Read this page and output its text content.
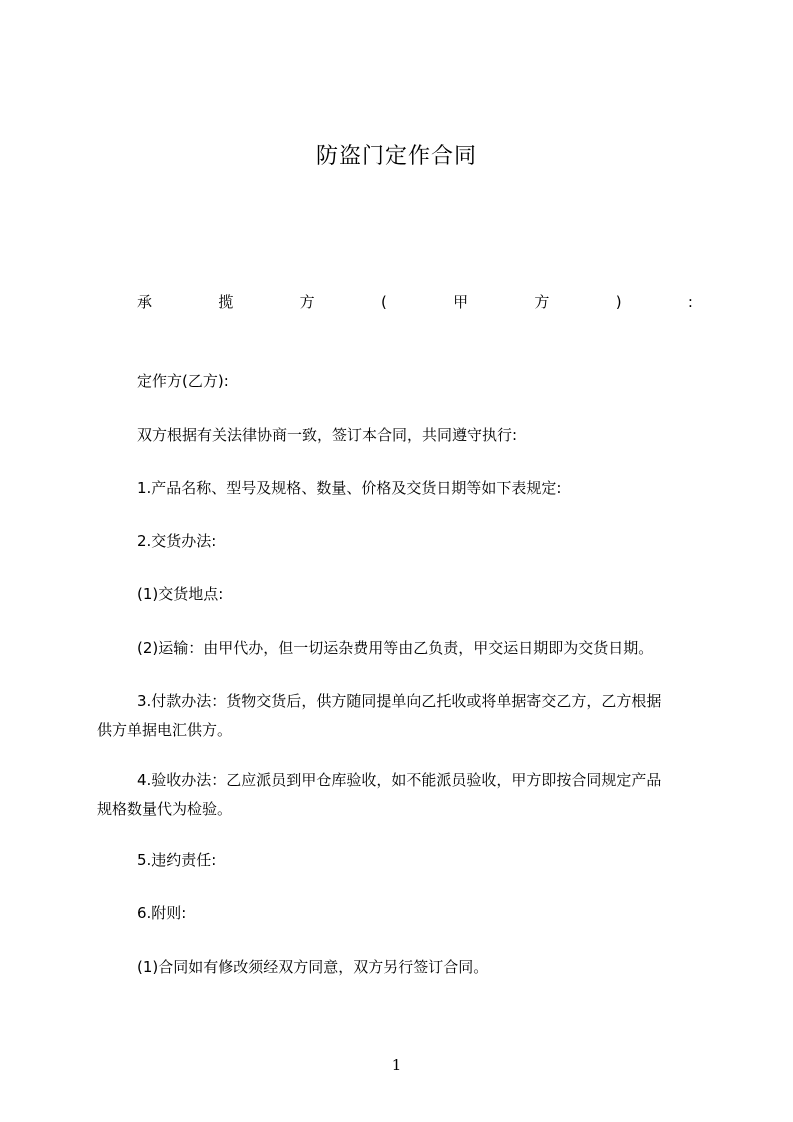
防盗门定作合同
承	揽	方	(	甲	方	)	:
定作方(乙方):
双方根据有关法律协商一致，签订本合同，共同遵守执行:
1.产品名称、型号及规格、数量、价格及交货日期等如下表规定:
2.交货办法:
(1)交货地点:
(2)运输：由甲代办，但一切运杂费用等由乙负责，甲交运日期即为交货日期。
3.付款办法：货物交货后，供方随同提单向乙托收或将单据寄交乙方，乙方根据
供方单据电汇供方。
4.验收办法：乙应派员到甲仓库验收，如不能派员验收，甲方即按合同规定产品
规格数量代为检验。
5.违约责任:
6.附则:
(1)合同如有修改须经双方同意，双方另行签订合同。
1
